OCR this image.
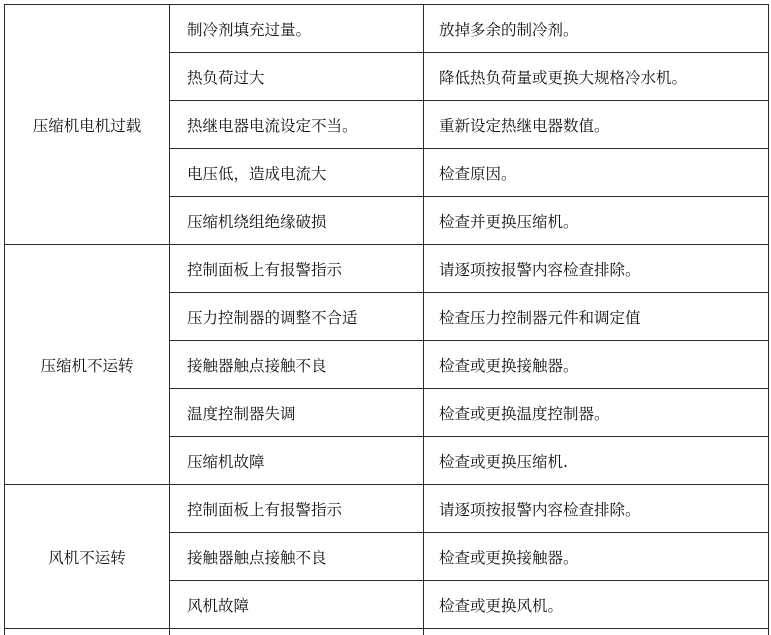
压缩机电机过载	制冷剂填充过量。	放掉多余的制冷剂。
	热负荷过大	降低热负荷量或更换大规格冷水机。
	热继电器电流设定不当。	重新设定热继电器数值。
	电压低，造成电流大	检查原因。
	压缩机绕组绝缘破损	检查并更换压缩机。
压缩机不运转	控制面板上有报警指示	请逐项按报警内容检查排除。
	压力控制器的调整不合适	检查压力控制器元件和调定值
	接触器触点接触不良	检查或更换接触器。
	温度控制器失调	检查或更换温度控制器。
	压缩机故障	检查或更换压缩机.
风机不运转	控制面板上有报警指示	请逐项按报警内容检查排除。
	接触器触点接触不良	检查或更换接触器。
	风机故障	检查或更换风机。
